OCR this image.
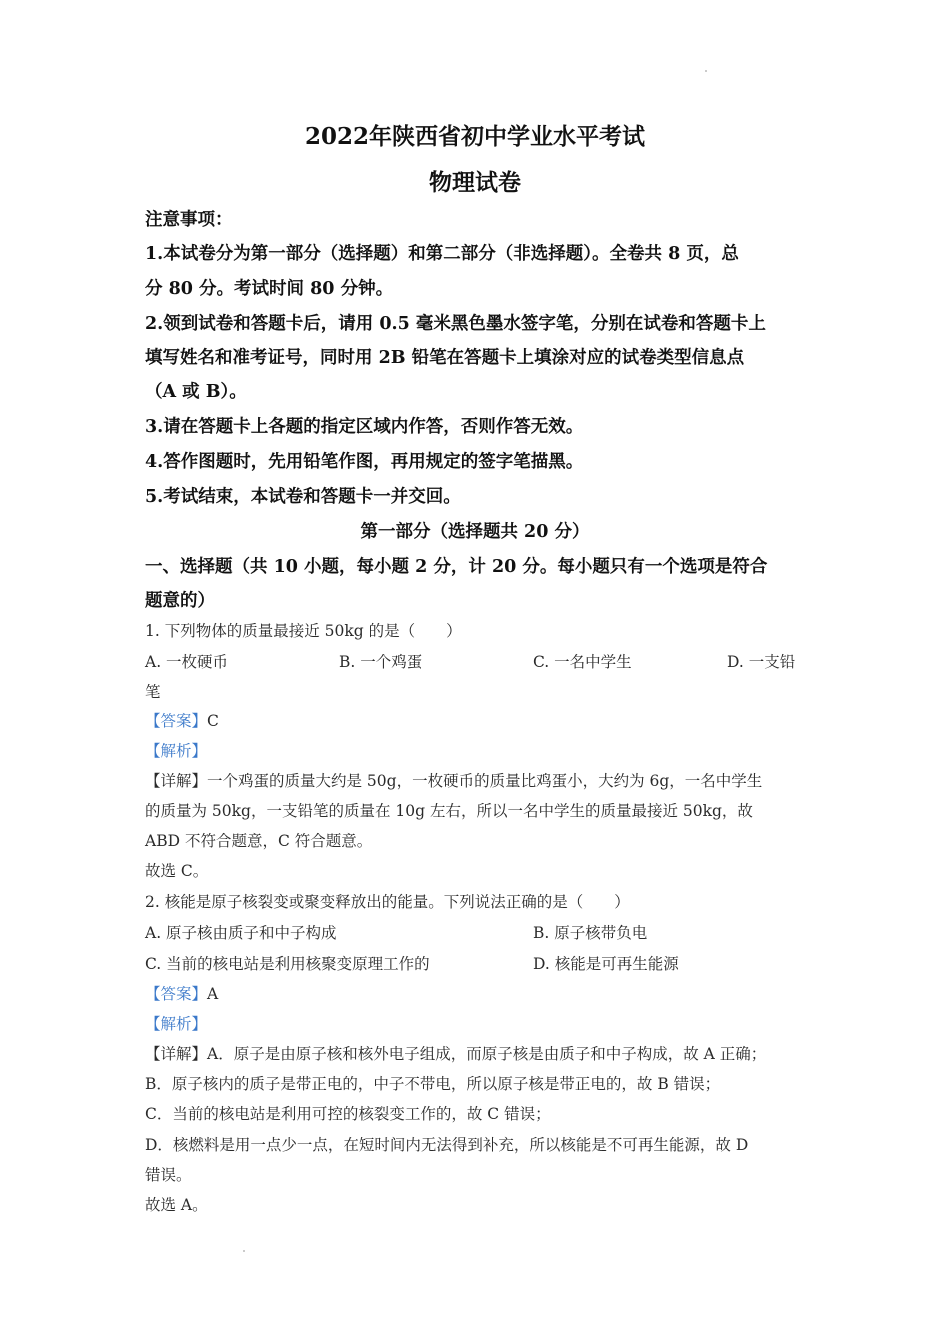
2022年陕西省初中学业水平考试
物理试卷
注意事项：
1.本试卷分为第一部分（选择题）和第二部分（非选择题）。全卷共 8 页，总
分 80 分。考试时间 80 分钟。
2.领到试卷和答题卡后，请用 0.5 毫米黑色墨水签字笔，分别在试卷和答题卡上
填写姓名和准考证号，同时用 2B 铅笔在答题卡上填涂对应的试卷类型信息点
（A 或 B）。
3.请在答题卡上各题的指定区域内作答，否则作答无效。
4.答作图题时，先用铅笔作图，再用规定的签字笔描黑。
5.考试结束，本试卷和答题卡一并交回。
第一部分（选择题共 20 分）
一、选择题（共 10 小题，每小题 2 分，计 20 分。每小题只有一个选项是符合
题意的）
1. 下列物体的质量最接近 50kg 的是（　　）
A. 一枚硬币	B. 一个鸡蛋	C. 一名中学生	D. 一支铅
笔
【答案】C
【解析】
【详解】一个鸡蛋的质量大约是 50g，一枚硬币的质量比鸡蛋小，大约为 6g，一名中学生
的质量为 50kg，一支铅笔的质量在 10g 左右，所以一名中学生的质量最接近 50kg，故
ABD 不符合题意，C 符合题意。
故选 C。
2. 核能是原子核裂变或聚变释放出的能量。下列说法正确的是（　　）
A. 原子核由质子和中子构成	B. 原子核带负电
C. 当前的核电站是利用核聚变原理工作的	D. 核能是可再生能源
【答案】A
【解析】
【详解】A．原子是由原子核和核外电子组成，而原子核是由质子和中子构成，故 A 正确；
B．原子核内的质子是带正电的，中子不带电，所以原子核是带正电的，故 B 错误；
C．当前的核电站是利用可控的核裂变工作的，故 C 错误；
D．核燃料是用一点少一点，在短时间内无法得到补充，所以核能是不可再生能源，故 D
错误。
故选 A。
